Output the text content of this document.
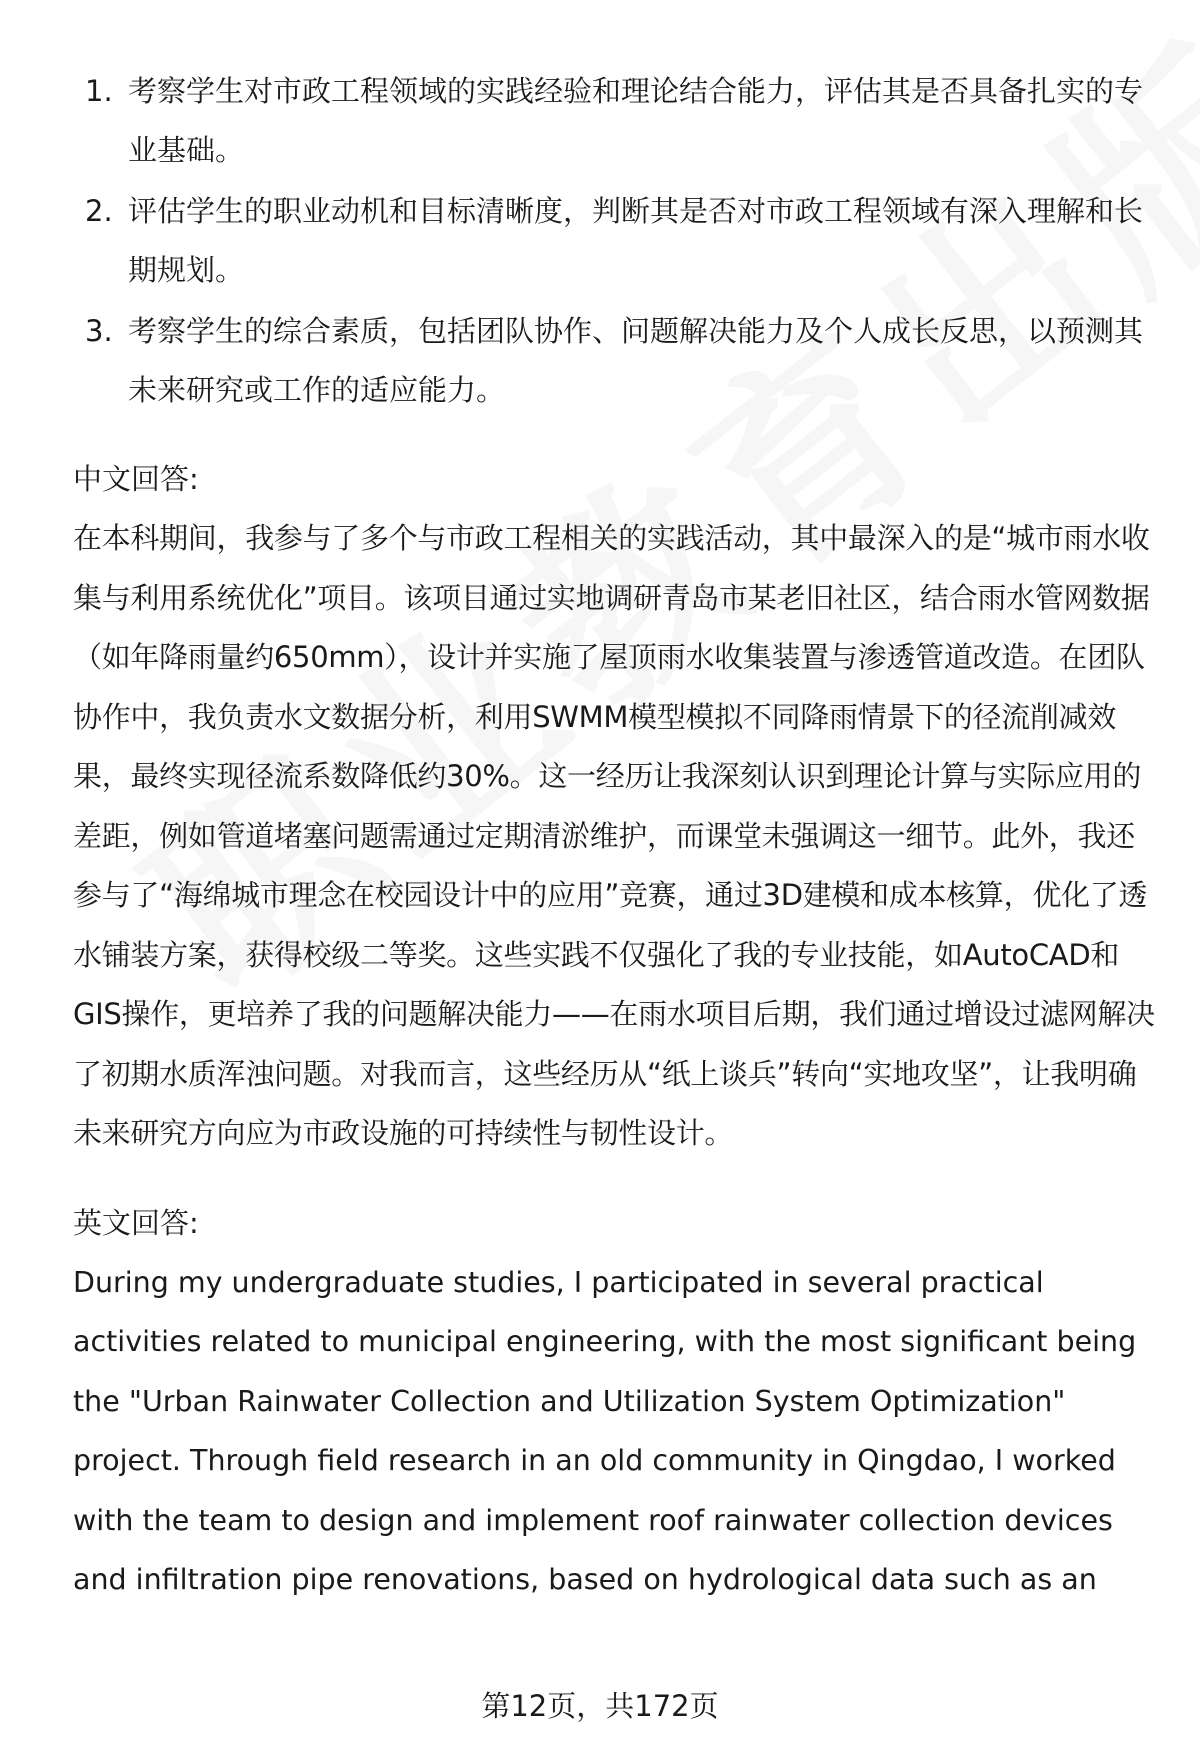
1. 考察学生对市政工程领域的实践经验和理论结合能力，评估其是否具备扎实的专业基础。
2. 评估学生的职业动机和目标清晰度，判断其是否对市政工程领域有深入理解和长期规划。
3. 考察学生的综合素质，包括团队协作、问题解决能力及个人成长反思，以预测其未来研究或工作的适应能力。
中文回答:

在本科期间，我参与了多个与市政工程相关的实践活动，其中最深入的是“城市雨水收集与利用系统优化”项目。该项目通过实地调研青岛市某老旧社区，结合雨水管网数据（如年降雨量约650mm），设计并实施了屋顶雨水收集装置与渗透管道改造。在团队协作中，我负责水文数据分析，利用SWMM模型模拟不同降雨情景下的径流削减效果，最终实现径流系数降低约30%。这一经历让我深刻认识到理论计算与实际应用的差距，例如管道堵塞问题需通过定期清淤维护，而课堂未强调这一细节。此外，我还参与了“海绵城市理念在校园设计中的应用”竞赛，通过3D建模和成本核算，优化了透水铺装方案，获得校级二等奖。这些实践不仅强化了我的专业技能，如AutoCAD和GIS操作，更培养了我的问题解决能力——在雨水项目后期，我们通过增设过滤网解决了初期水质浑浊问题。对我而言，这些经历从“纸上谈兵”转向“实地攻坚”，让我明确未来研究方向应为市政设施的可持续性与韧性设计。

英文回答:

During my undergraduate studies, I participated in several practical activities related to municipal engineering, with the most significant being the "Urban Rainwater Collection and Utilization System Optimization" project. Through field research in an old community in Qingdao, I worked with the team to design and implement roof rainwater collection devices and infiltration pipe renovations, based on hydrological data such as an

第12页，共172页
